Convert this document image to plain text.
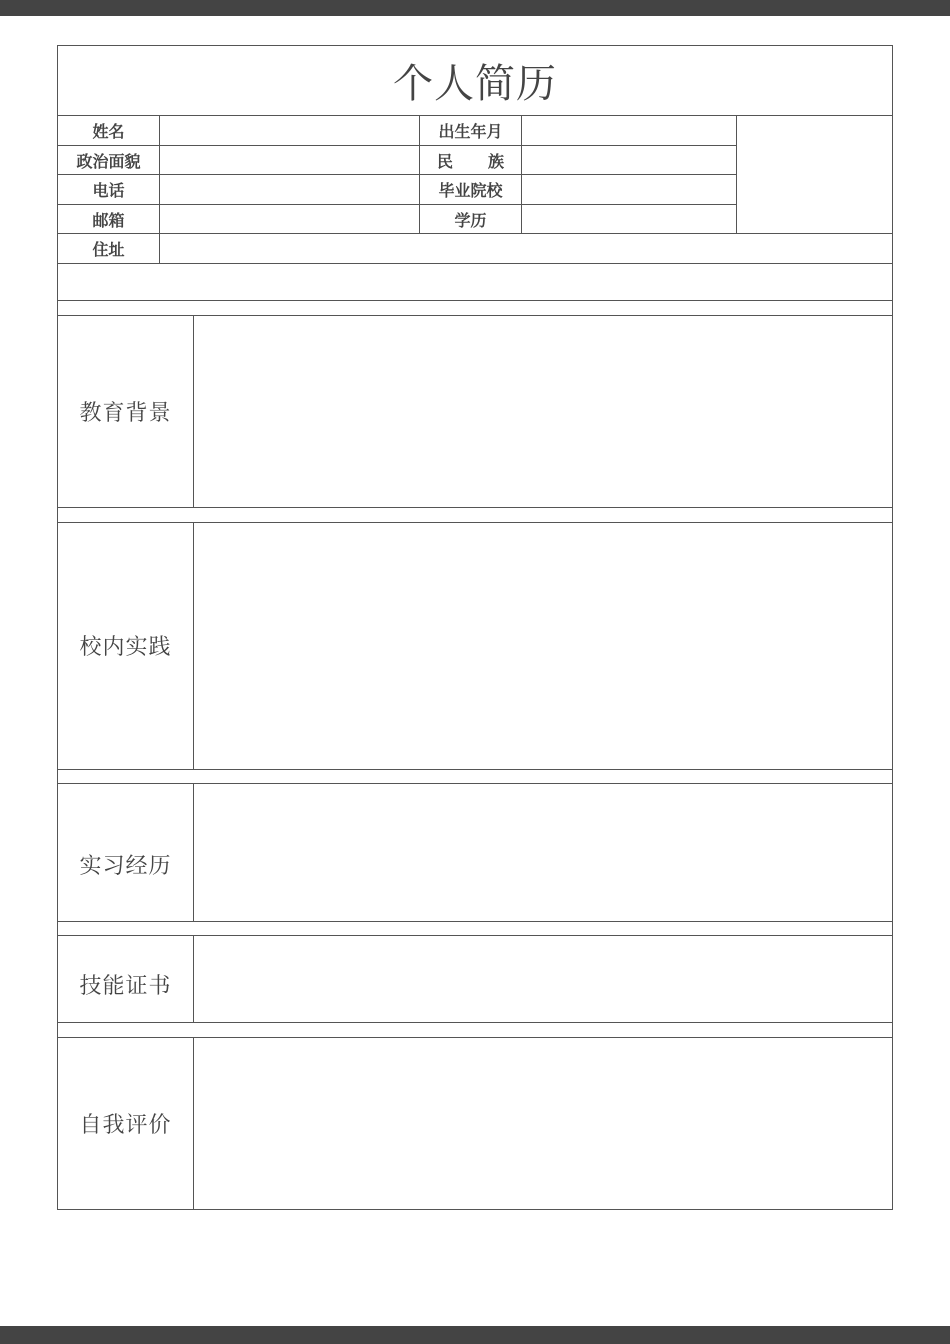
个人简历
姓名	出生年月
政治面貌	民 族
电话	毕业院校
邮箱	学历
住址
教育背景
校内实践
实习经历
技能证书
自我评价
